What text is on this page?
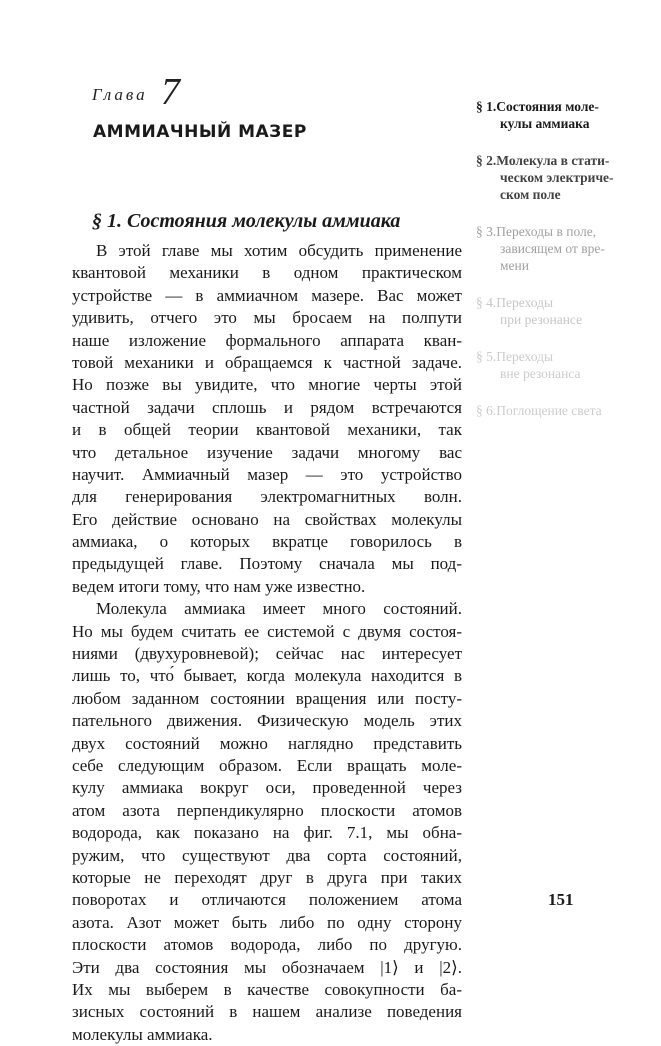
Глава 7
АММИАЧНЫЙ МАЗЕР
§ 1. Состояния молекулы аммиака
В этой главе мы хотим обсудить применение
квантовой механики в одном практическом
устройстве — в аммиачном мазере. Вас может
удивить, отчего это мы бросаем на полпути
наше изложение формального аппарата кван-
товой механики и обращаемся к частной задаче.
Но позже вы увидите, что многие черты этой
частной задачи сплошь и рядом встречаются
и в общей теории квантовой механики, так
что детальное изучение задачи многому вас
научит. Аммиачный мазер — это устройство
для генерирования электромагнитных волн.
Его действие основано на свойствах молекулы
аммиака, о которых вкратце говорилось в
предыдущей главе. Поэтому сначала мы под-
ведем итоги тому, что нам уже известно.
Молекула аммиака имеет много состояний.
Но мы будем считать ее системой с двумя состоя-
ниями (двухуровневой); сейчас нас интересует
лишь то, что́ бывает, когда молекула находится в
любом заданном состоянии вращения или посту-
пательного движения. Физическую модель этих
двух состояний можно наглядно представить
себе следующим образом. Если вращать моле-
кулу аммиака вокруг оси, проведенной через
атом азота перпендикулярно плоскости атомов
водорода, как показано на фиг. 7.1, мы обна-
ружим, что существуют два сорта состояний,
которые не переходят друг в друга при таких
поворотах и отличаются положением атома
азота. Азот может быть либо по одну сторону
плоскости атомов водорода, либо по другую.
Эти два состояния мы обозначаем |1⟩ и |2⟩.
Их мы выберем в качестве совокупности ба-
зисных состояний в нашем анализе поведения
молекулы аммиака.
§ 1.Состояния моле-
кулы аммиака
§ 2.Молекула в стати-
ческом электриче-
ском поле
§ 3.Переходы в поле,
зависящем от вре-
мени
§ 4.Переходы
при резонансе
§ 5.Переходы
вне резонанса
§ 6.Поглощение света
151
